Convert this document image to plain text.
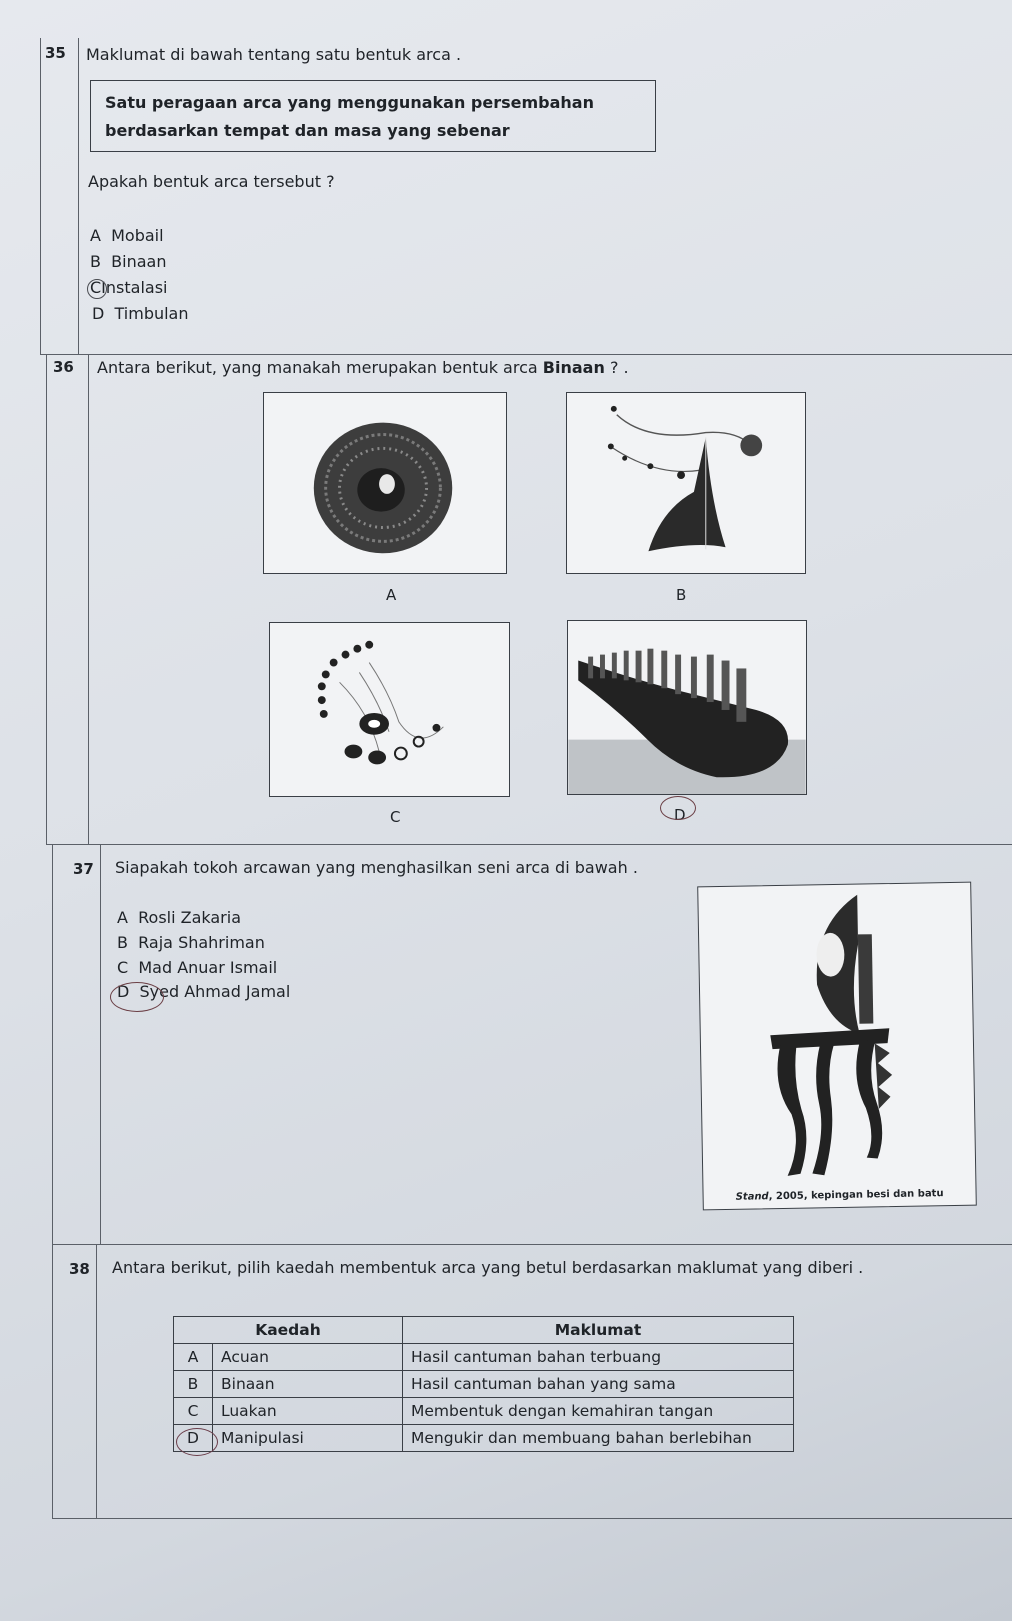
35 Maklumat di bawah tentang satu bentuk arca .
Satu peragaan arca yang menggunakan persembahan
berdasarkan tempat dan masa yang sebenar
Apakah bentuk arca tersebut ?
A Mobail
B Binaan
CInstalasi
D Timbulan
36 Antara berikut, yang manakah merupakan bentuk arca Binaan ? .
A	B
C	D
37 Siapakah tokoh arcawan yang menghasilkan seni arca di bawah .
A Rosli Zakaria
B Raja Shahriman
C Mad Anuar Ismail
D Syed Ahmad Jamal
Stand, 2005, kepingan besi dan batu
38 Antara berikut, pilih kaedah membentuk arca yang betul berdasarkan maklumat yang diberi .
Kaedah		Maklumat
A	Acuan	Hasil cantuman bahan terbuang
B	Binaan	Hasil cantuman bahan yang sama
C	Luakan	Membentuk dengan kemahiran tangan
D	Manipulasi	Mengukir dan membuang bahan berlebihan
